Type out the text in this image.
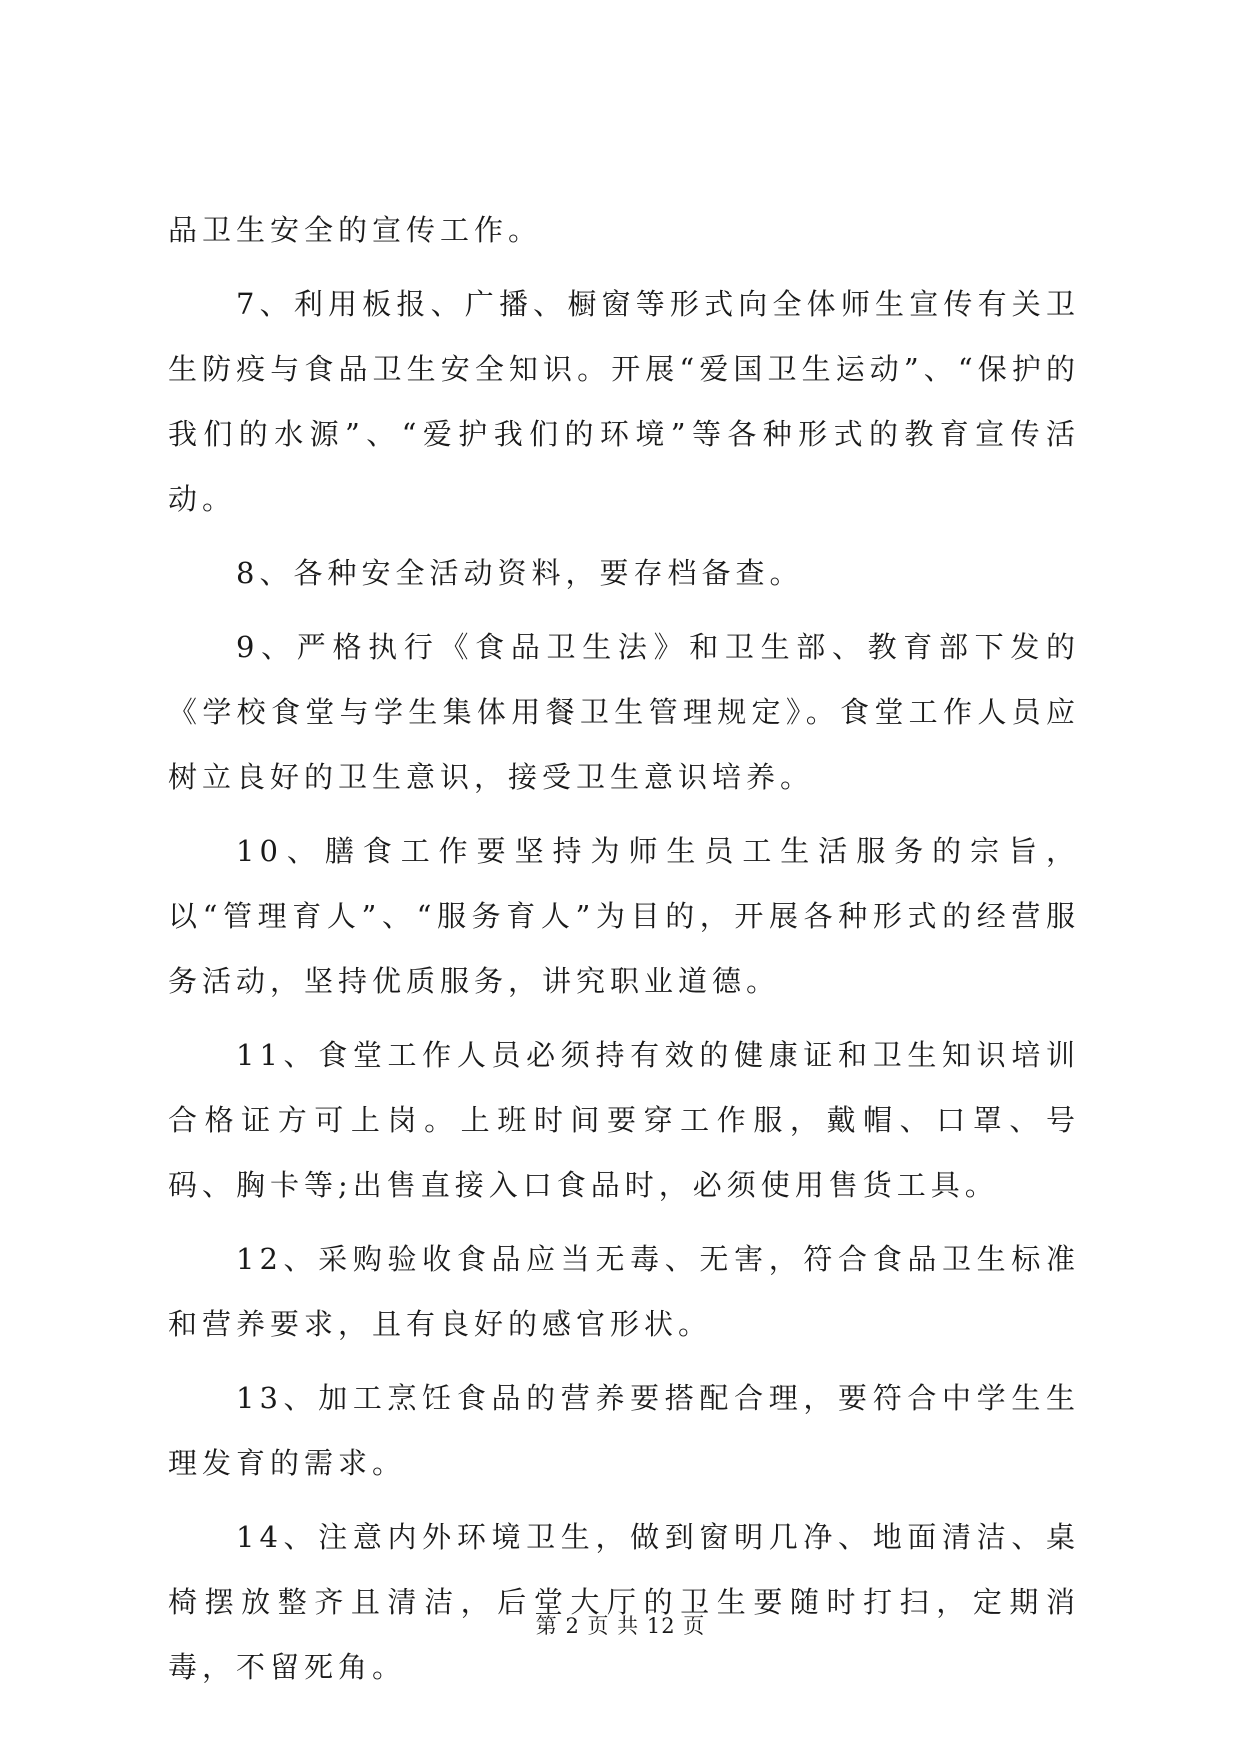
品卫生安全的宣传工作。

7、利用板报、广播、橱窗等形式向全体师生宣传有关卫生防疫与食品卫生安全知识。开展“爱国卫生运动”、“保护的我们的水源”、“爱护我们的环境”等各种形式的教育宣传活动。

8、各种安全活动资料，要存档备查。

9、严格执行《食品卫生法》和卫生部、教育部下发的《学校食堂与学生集体用餐卫生管理规定》。食堂工作人员应树立良好的卫生意识，接受卫生意识培养。

10、膳食工作要坚持为师生员工生活服务的宗旨，以“管理育人”、“服务育人”为目的，开展各种形式的经营服务活动，坚持优质服务，讲究职业道德。

11、食堂工作人员必须持有效的健康证和卫生知识培训合格证方可上岗。上班时间要穿工作服，戴帽、口罩、号码、胸卡等;出售直接入口食品时，必须使用售货工具。

12、采购验收食品应当无毒、无害，符合食品卫生标准和营养要求，且有良好的感官形状。

13、加工烹饪食品的营养要搭配合理，要符合中学生生理发育的需求。

14、注意内外环境卫生，做到窗明几净、地面清洁、桌椅摆放整齐且清洁，后堂大厅的卫生要随时打扫，定期消毒，不留死角。

第 2 页 共 12 页
